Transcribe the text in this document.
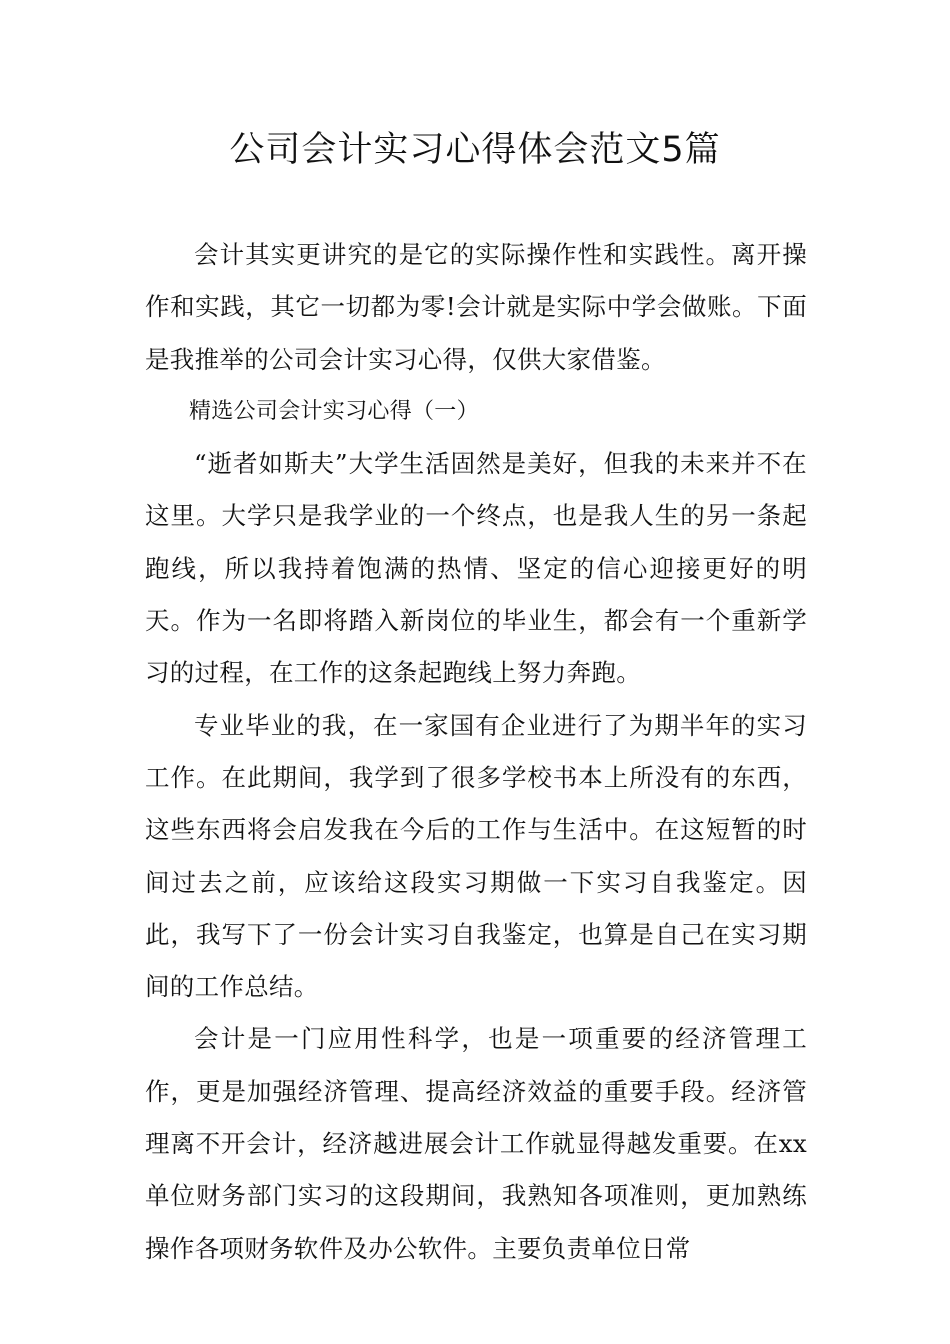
公司会计实习心得体会范文5篇

会计其实更讲究的是它的实际操作性和实践性。离开操作和实践，其它一切都为零!会计就是实际中学会做账。下面是我推举的公司会计实习心得，仅供大家借鉴。

精选公司会计实习心得（一）

“逝者如斯夫”大学生活固然是美好，但我的未来并不在这里。大学只是我学业的一个终点，也是我人生的另一条起跑线，所以我持着饱满的热情、坚定的信心迎接更好的明天。作为一名即将踏入新岗位的毕业生，都会有一个重新学习的过程，在工作的这条起跑线上努力奔跑。

专业毕业的我，在一家国有企业进行了为期半年的实习工作。在此期间，我学到了很多学校书本上所没有的东西，这些东西将会启发我在今后的工作与生活中。在这短暂的时间过去之前，应该给这段实习期做一下实习自我鉴定。因此，我写下了一份会计实习自我鉴定，也算是自己在实习期间的工作总结。

会计是一门应用性科学，也是一项重要的经济管理工作，更是加强经济管理、提高经济效益的重要手段。经济管理离不开会计，经济越进展会计工作就显得越发重要。在xx单位财务部门实习的这段期间，我熟知各项准则，更加熟练操作各项财务软件及办公软件。主要负责单位日常
